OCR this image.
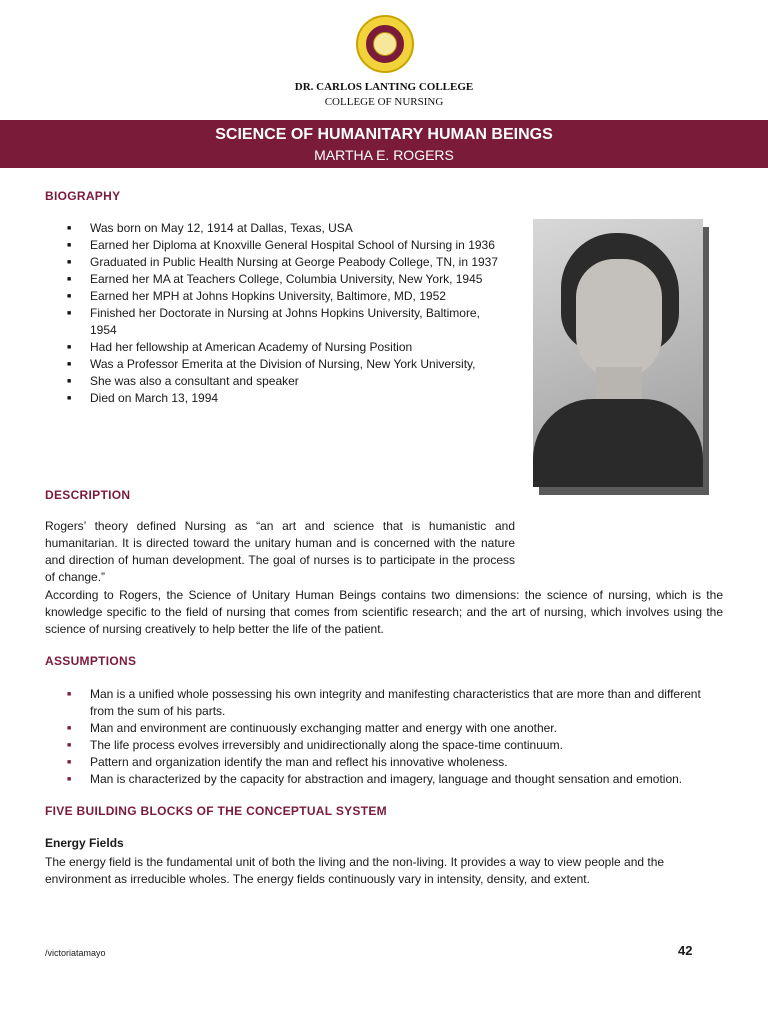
DR. CARLOS LANTING COLLEGE
COLLEGE OF NURSING
SCIENCE OF HUMANITARY HUMAN BEINGS
MARTHA E. ROGERS
BIOGRAPHY
■ Was born on May 12, 1914 at Dallas, Texas, USA
■ Earned her Diploma at Knoxville General Hospital School of Nursing in 1936
■ Graduated in Public Health Nursing at George Peabody College, TN, in 1937
■ Earned her MA at Teachers College, Columbia University, New York, 1945
■ Earned her MPH at Johns Hopkins University, Baltimore, MD, 1952
■ Finished her Doctorate in Nursing at Johns Hopkins University, Baltimore, 1954
■ Had her fellowship at American Academy of Nursing Position
■ Was a Professor Emerita at the Division of Nursing, New York University,
■ She was also a consultant and speaker
■ Died on March 13, 1994
DESCRIPTION

Rogers’ theory defined Nursing as “an art and science that is humanistic and humanitarian. It is directed toward the unitary human and is concerned with the nature and direction of human development. The goal of nurses is to participate in the process of change.”

According to Rogers, the Science of Unitary Human Beings contains two dimensions: the science of nursing, which is the knowledge specific to the field of nursing that comes from scientific research; and the art of nursing, which involves using the science of nursing creatively to help better the life of the patient.

ASSUMPTIONS
■ Man is a unified whole possessing his own integrity and manifesting characteristics that are more than and different from the sum of his parts.
■ Man and environment are continuously exchanging matter and energy with one another.
■ The life process evolves irreversibly and unidirectionally along the space-time continuum.
■ Pattern and organization identify the man and reflect his innovative wholeness.
■ Man is characterized by the capacity for abstraction and imagery, language and thought sensation and emotion.
FIVE BUILDING BLOCKS OF THE CONCEPTUAL SYSTEM
Energy Fields

The energy field is the fundamental unit of both the living and the non-living. It provides a way to view people and the environment as irreducible wholes. The energy fields continuously vary in intensity, density, and extent.

/victoriatamayo	42
